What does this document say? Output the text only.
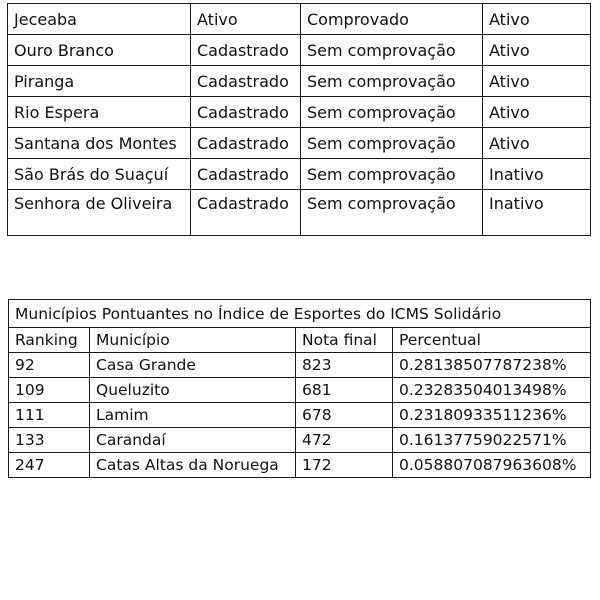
Jeceaba	Ativo	Comprovado	Ativo
Ouro Branco	Cadastrado	Sem comprovação	Ativo
Piranga	Cadastrado	Sem comprovação	Ativo
Rio Espera	Cadastrado	Sem comprovação	Ativo
Santana dos Montes	Cadastrado	Sem comprovação	Ativo
São Brás do Suaçuí	Cadastrado	Sem comprovação	Inativo
Senhora de Oliveira	Cadastrado	Sem comprovação	Inativo
Municípios Pontuantes no Índice de Esportes do ICMS Solidário			
Ranking	Município	Nota final	Percentual
92	Casa Grande	823	0.28138507787238%
109	Queluzito	681	0.23283504013498%
111	Lamim	678	0.23180933511236%
133	Carandaí	472	0.16137759022571%
247	Catas Altas da Noruega	172	0.058807087963608%
